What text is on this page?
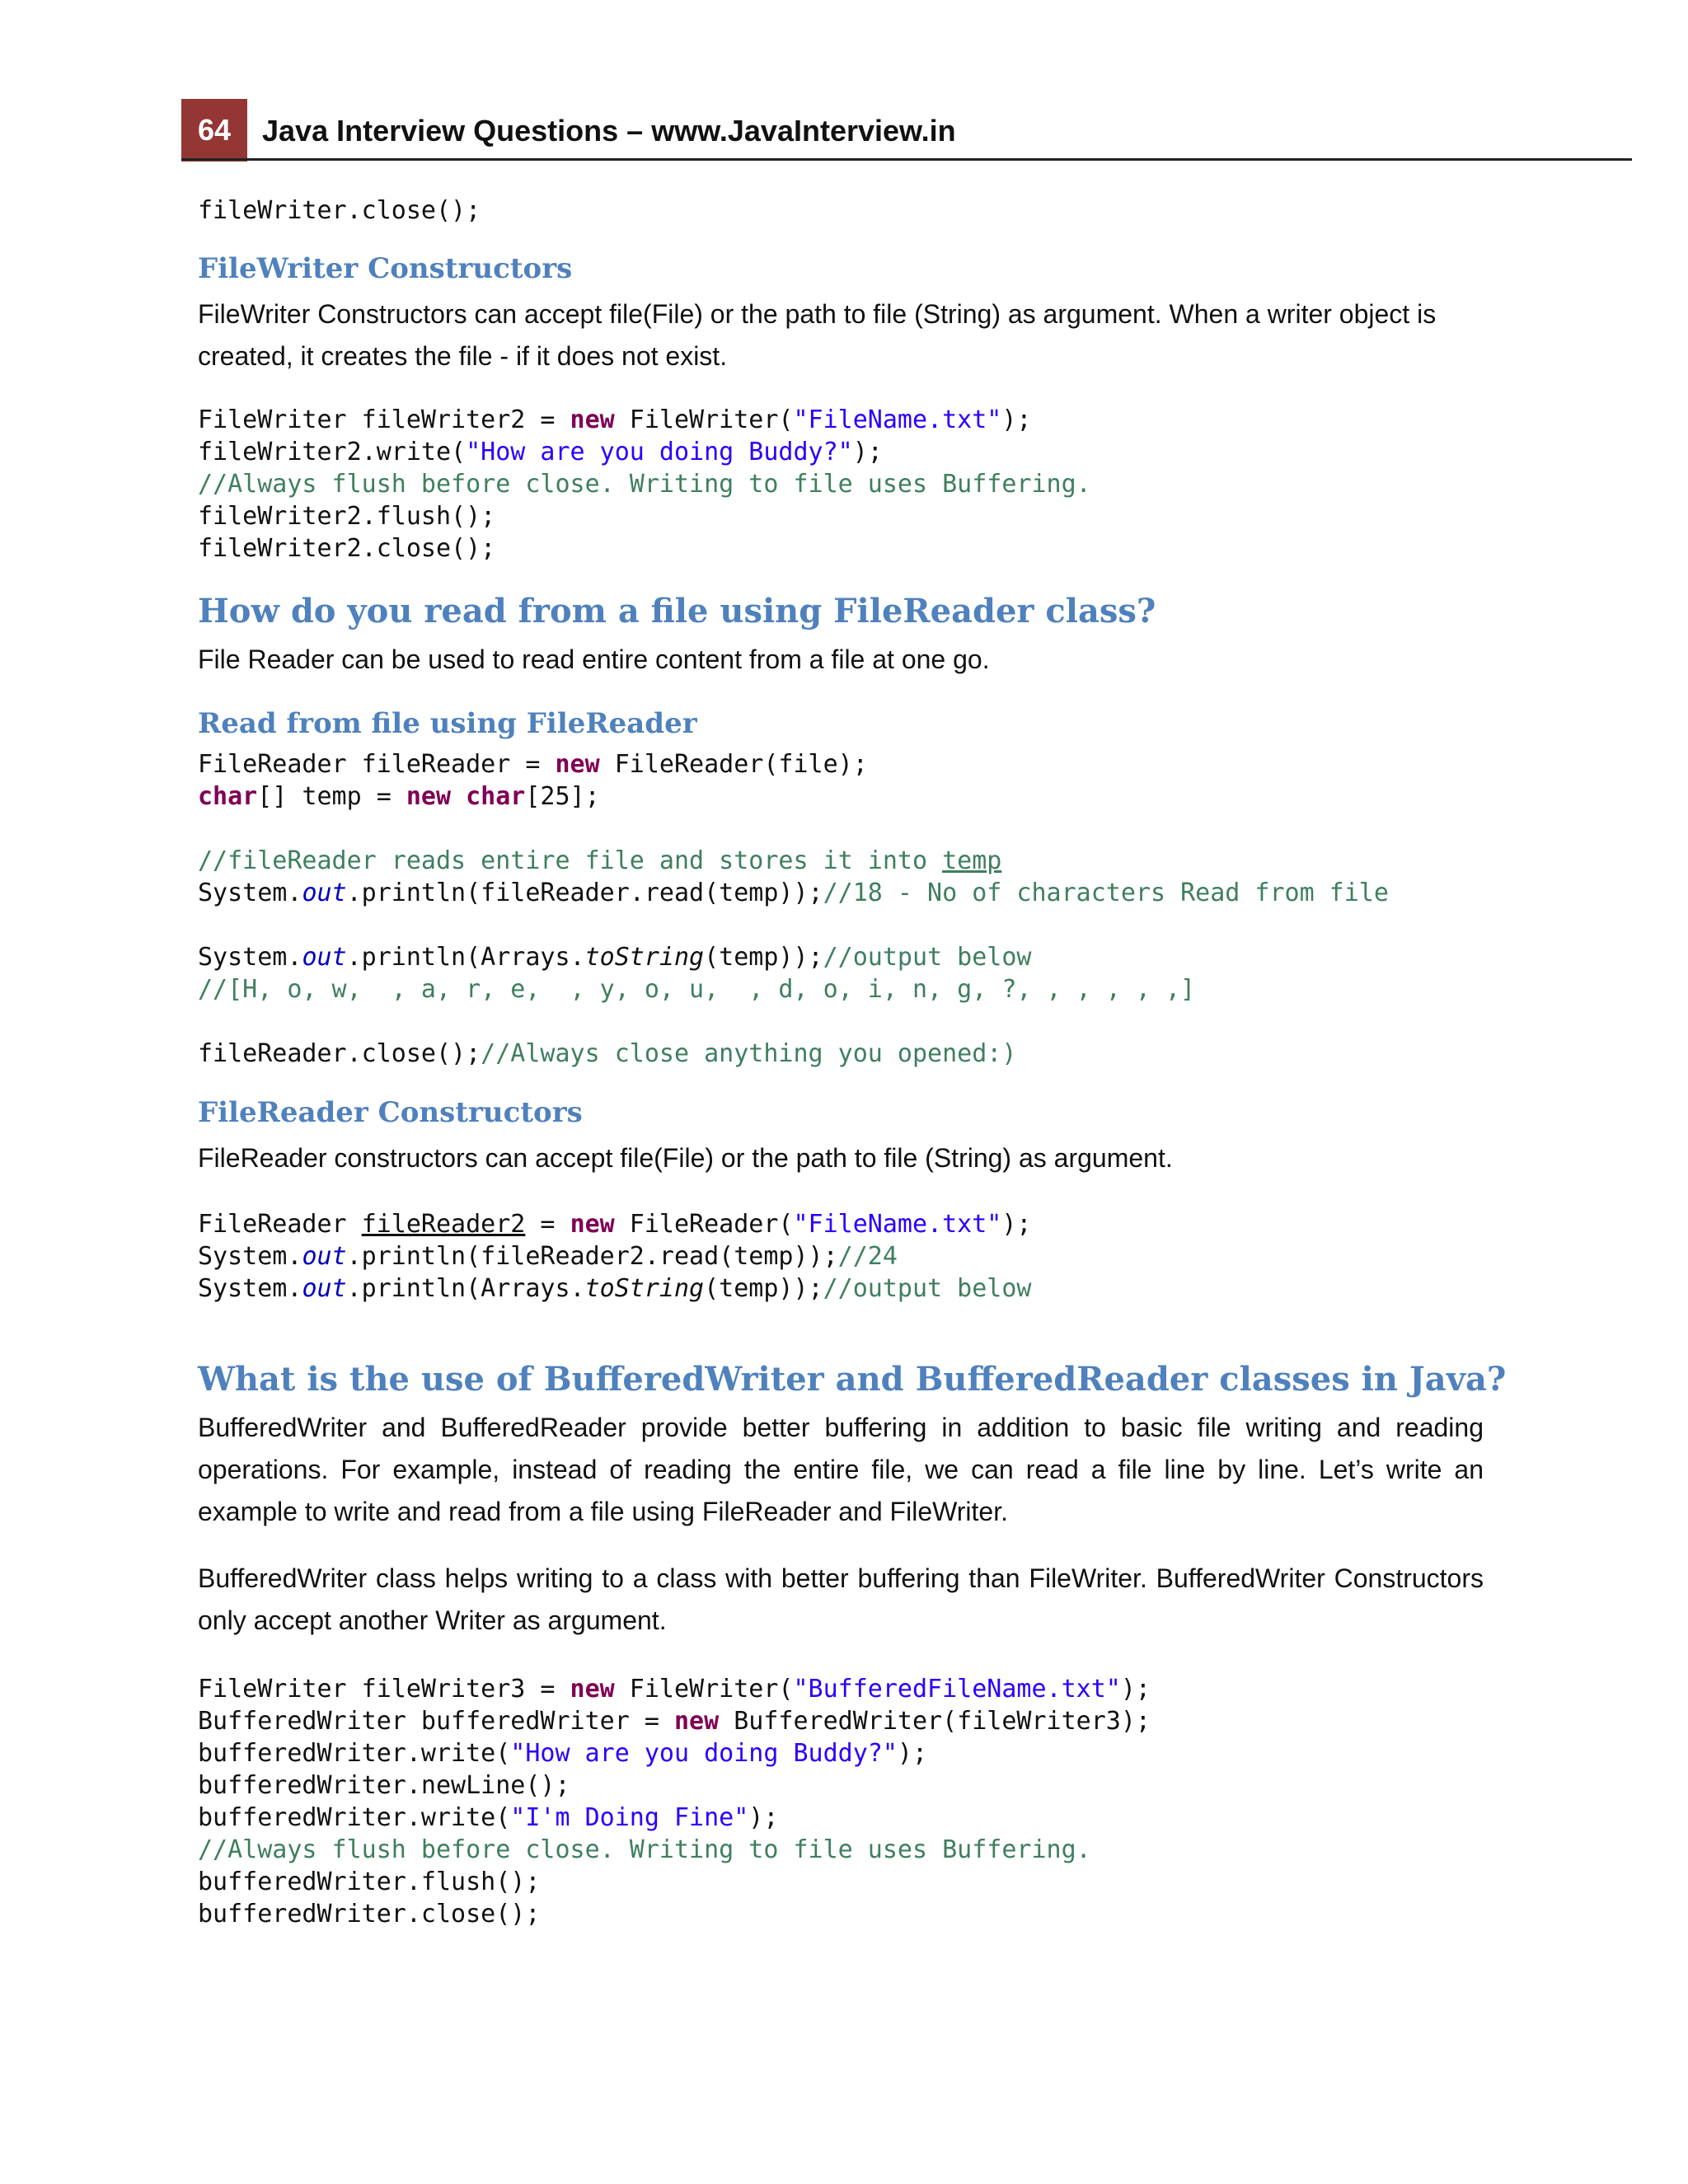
64	Java Interview Questions – www.JavaInterview.in
fileWriter.close();
FileWriter Constructors
FileWriter Constructors can accept file(File) or the path to file (String) as argument. When a writer object is created, it creates the file - if it does not exist.
FileWriter fileWriter2 = new FileWriter("FileName.txt");
fileWriter2.write("How are you doing Buddy?");
//Always flush before close. Writing to file uses Buffering.
fileWriter2.flush();
fileWriter2.close();
How do you read from a file using FileReader class?
File Reader can be used to read entire content from a file at one go.
Read from file using FileReader
FileReader fileReader = new FileReader(file);
char[] temp = new char[25];

//fileReader reads entire file and stores it into temp
System.out.println(fileReader.read(temp));//18 - No of characters Read from file

System.out.println(Arrays.toString(temp));//output below
//[H, o, w,  , a, r, e,  , y, o, u,  , d, o, i, n, g, ?, , , , , ,]

fileReader.close();//Always close anything you opened:)
FileReader Constructors
FileReader constructors can accept file(File) or the path to file (String) as argument.
FileReader fileReader2 = new FileReader("FileName.txt");
System.out.println(fileReader2.read(temp));//24
System.out.println(Arrays.toString(temp));//output below
What is the use of BufferedWriter and BufferedReader classes in Java?
BufferedWriter and BufferedReader provide better buffering in addition to basic file writing and reading operations. For example, instead of reading the entire file, we can read a file line by line. Let’s write an example to write and read from a file using FileReader and FileWriter.
BufferedWriter class helps writing to a class with better buffering than FileWriter. BufferedWriter Constructors only accept another Writer as argument.
FileWriter fileWriter3 = new FileWriter("BufferedFileName.txt");
BufferedWriter bufferedWriter = new BufferedWriter(fileWriter3);
bufferedWriter.write("How are you doing Buddy?");
bufferedWriter.newLine();
bufferedWriter.write("I'm Doing Fine");
//Always flush before close. Writing to file uses Buffering.
bufferedWriter.flush();
bufferedWriter.close();
